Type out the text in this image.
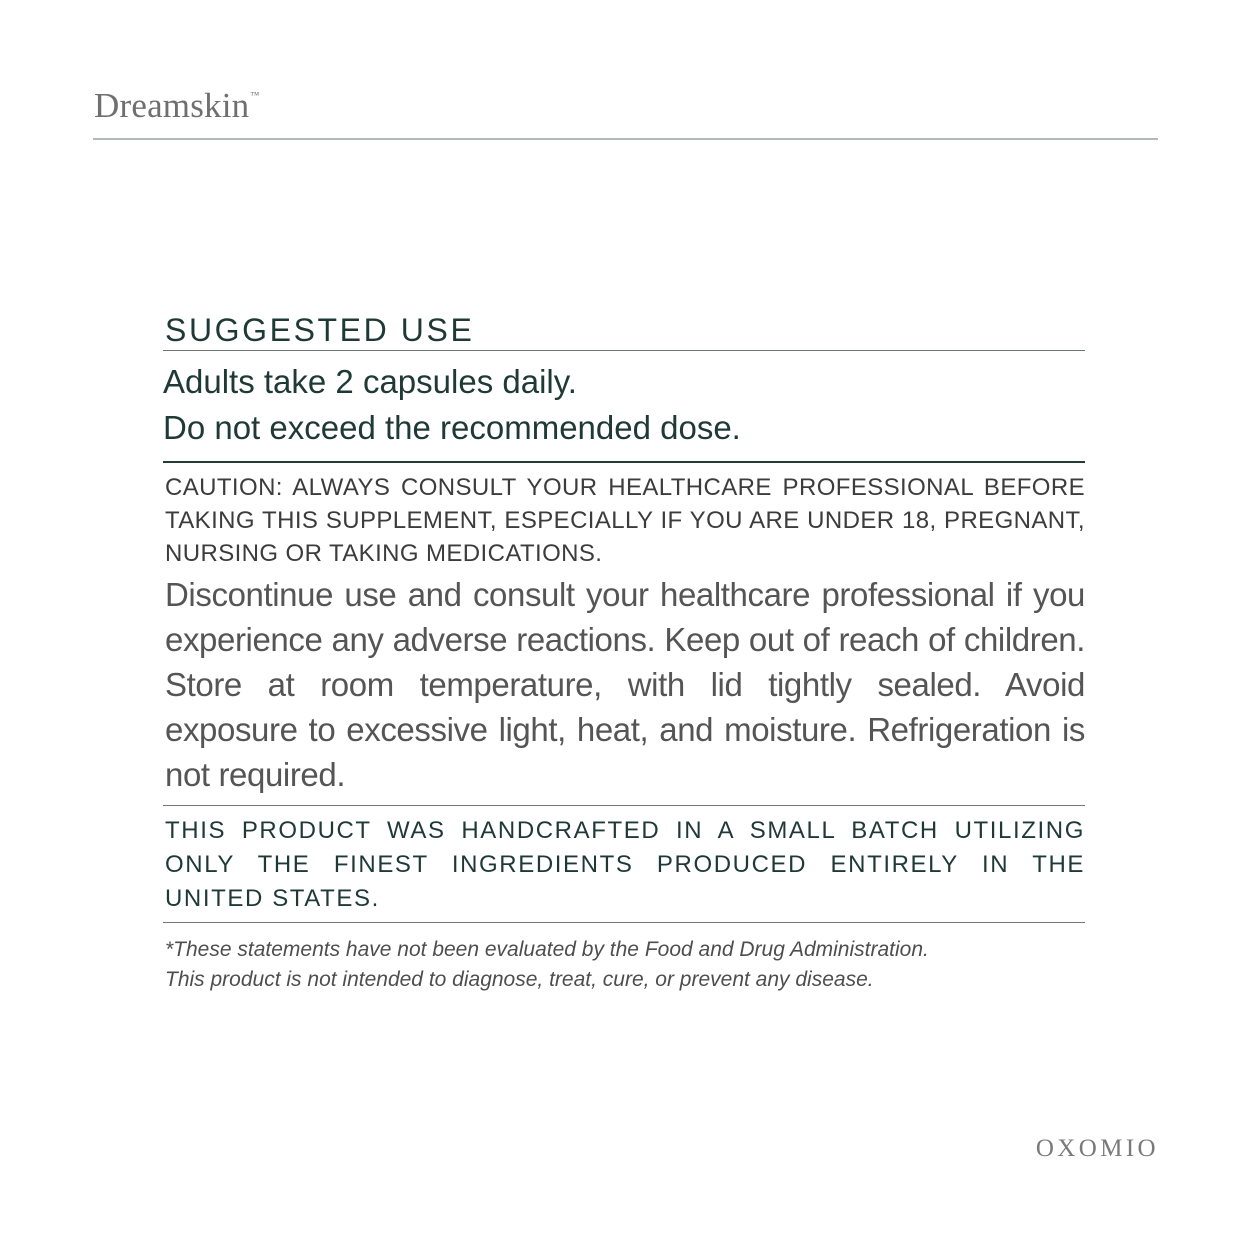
Dreamskin™
SUGGESTED USE
Adults take 2 capsules daily.
Do not exceed the recommended dose.
CAUTION: ALWAYS CONSULT YOUR HEALTHCARE PROFESSIONAL BEFORE TAKING THIS SUPPLEMENT, ESPECIALLY IF YOU ARE UNDER 18, PREGNANT, NURSING OR TAKING MEDICATIONS.
Discontinue use and consult your healthcare professional if you experience any adverse reactions. Keep out of reach of children. Store at room temperature, with lid tightly sealed. Avoid exposure to excessive light, heat, and moisture. Refrigeration is not required.
THIS PRODUCT WAS HANDCRAFTED IN A SMALL BATCH UTILIZING ONLY THE FINEST INGREDIENTS PRODUCED ENTIRELY IN THE UNITED STATES.
*These statements have not been evaluated by the Food and Drug Administration.
This product is not intended to diagnose, treat, cure, or prevent any disease.
OXOMIO
